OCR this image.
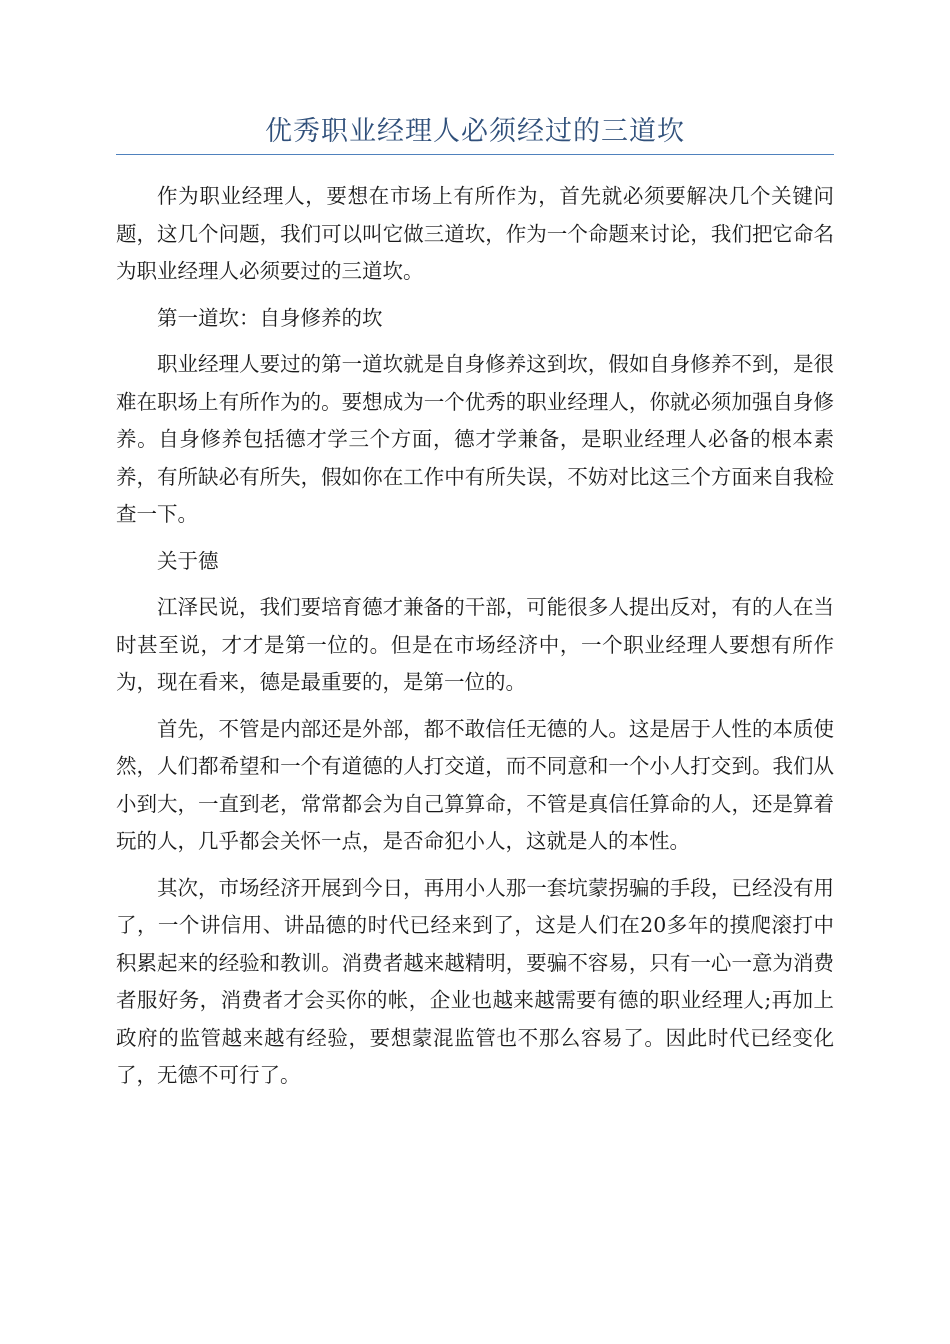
优秀职业经理人必须经过的三道坎

作为职业经理人，要想在市场上有所作为，首先就必须要解决几个关键问题，这几个问题，我们可以叫它做三道坎，作为一个命题来讨论，我们把它命名为职业经理人必须要过的三道坎。

第一道坎：自身修养的坎

职业经理人要过的第一道坎就是自身修养这到坎，假如自身修养不到，是很难在职场上有所作为的。要想成为一个优秀的职业经理人，你就必须加强自身修养。自身修养包括德才学三个方面，德才学兼备，是职业经理人必备的根本素养，有所缺必有所失，假如你在工作中有所失误，不妨对比这三个方面来自我检查一下。

关于德

江泽民说，我们要培育德才兼备的干部，可能很多人提出反对，有的人在当时甚至说，才才是第一位的。但是在市场经济中，一个职业经理人要想有所作为，现在看来，德是最重要的，是第一位的。

首先，不管是内部还是外部，都不敢信任无德的人。这是居于人性的本质使然，人们都希望和一个有道德的人打交道，而不同意和一个小人打交到。我们从小到大，一直到老，常常都会为自己算算命，不管是真信任算命的人，还是算着玩的人，几乎都会关怀一点，是否命犯小人，这就是人的本性。

其次，市场经济开展到今日，再用小人那一套坑蒙拐骗的手段，已经没有用了，一个讲信用、讲品德的时代已经来到了，这是人们在20多年的摸爬滚打中积累起来的经验和教训。消费者越来越精明，要骗不容易，只有一心一意为消费者服好务，消费者才会买你的帐，企业也越来越需要有德的职业经理人;再加上政府的监管越来越有经验，要想蒙混监管也不那么容易了。因此时代已经变化了，无德不可行了。
